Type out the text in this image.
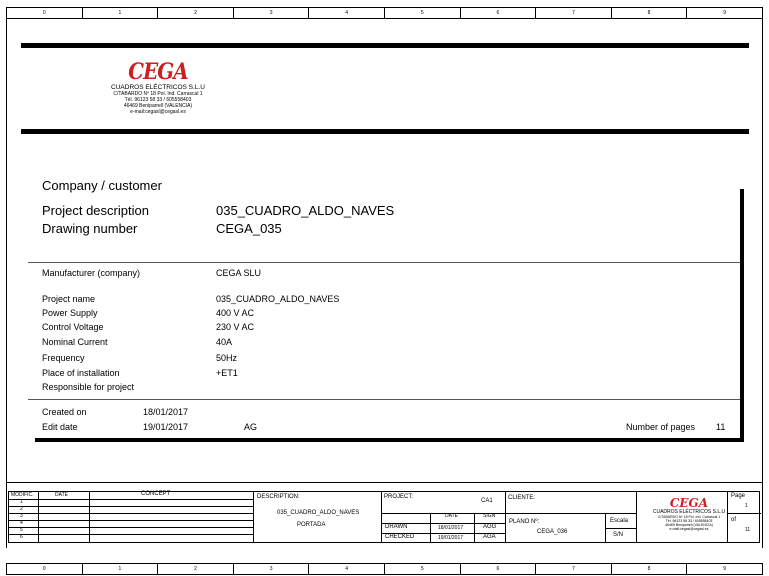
0	1	2	3	4	5	6	7	8	9
CEGA
CUADROS ELÉCTRICOS S.L.U
C/TABARDO Nº 18 Pol. Ind. Carrascal 1
Tél. 96123 58 33 / 605558403
46469 Beniparrell (VALENCIA)
e-mail:cegasl@cegasl.es
Company / customer
Project description	035_CUADRO_ALDO_NAVES
Drawing number	CEGA_035
Manufacturer (company)	CEGA SLU
Project name	035_CUADRO_ALDO_NAVES
Power Supply	400 V AC
Control Voltage	230 V AC
Nominal Current	40A
Frequency	50Hz
Place of installation	+ET1
Responsible for project
Created on	18/01/2017
Edit date	19/01/2017	AG	Number of pages 11
MODIFIC.	DATE	CONCEPT
1
2
3
4
5
6
DESCRIPTION:
035_CUADRO_ALDO_NAVES
PORTADA
PROJECT:
CA1
DATE	SIGN
DRAWN	18/01/2017	AGG
CHECKED	19/01/2017	AGA
CLIENTE:
PLANO Nº:
CEGA_036
Escala
S/N
CEGA
CUADROS ELÉCTRICOS S.L.U
C/TABARDO Nº 18 Pol. Ind. Carrascal 1
Tél. 96123 58 33 / 605558403
46469 Beniparrell (VALENCIA)
e-mail:cegasl@cegasl.es
Page
1
of
11
0	1	2	3	4	5	6	7	8	9
